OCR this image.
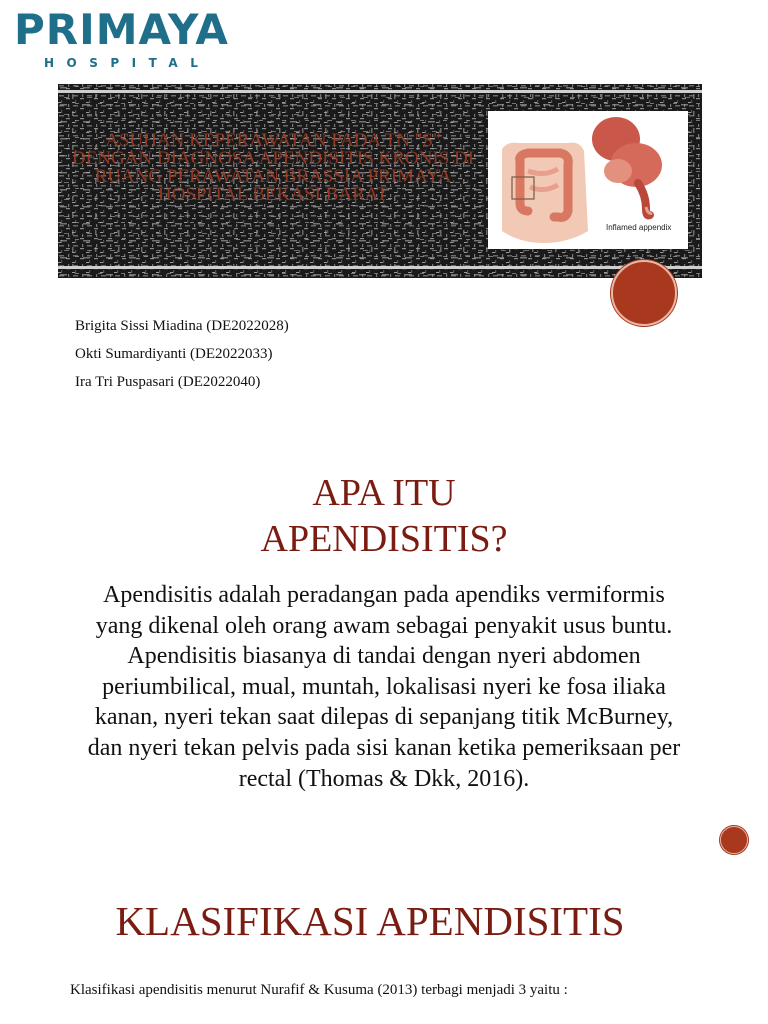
PRIMAYA
HOSPITAL
ASUHAN KEPERAWATAN PADA TN "S" DENGAN DIAGNOSA APENDISITIS KRONIS DI RUANG PERAWATAN BRASSIA PRIMAYA HOSPITAL BEKASI BARAT
Inflamed appendix
Brigita Sissi Miadina (DE2022028)
Okti Sumardiyanti (DE2022033)
Ira Tri Puspasari (DE2022040)
APA ITU
APENDISITIS?

Apendisitis adalah peradangan pada apendiks vermiformis yang dikenal oleh orang awam sebagai penyakit usus buntu. Apendisitis biasanya di tandai dengan nyeri abdomen periumbilical, mual, muntah, lokalisasi nyeri ke fosa iliaka kanan, nyeri tekan saat dilepas di sepanjang titik McBurney, dan nyeri tekan pelvis pada sisi kanan ketika pemeriksaan per rectal (Thomas & Dkk, 2016).

KLASIFIKASI APENDISITIS

Klasifikasi apendisitis menurut Nurafif & Kusuma (2013) terbagi menjadi 3 yaitu :
